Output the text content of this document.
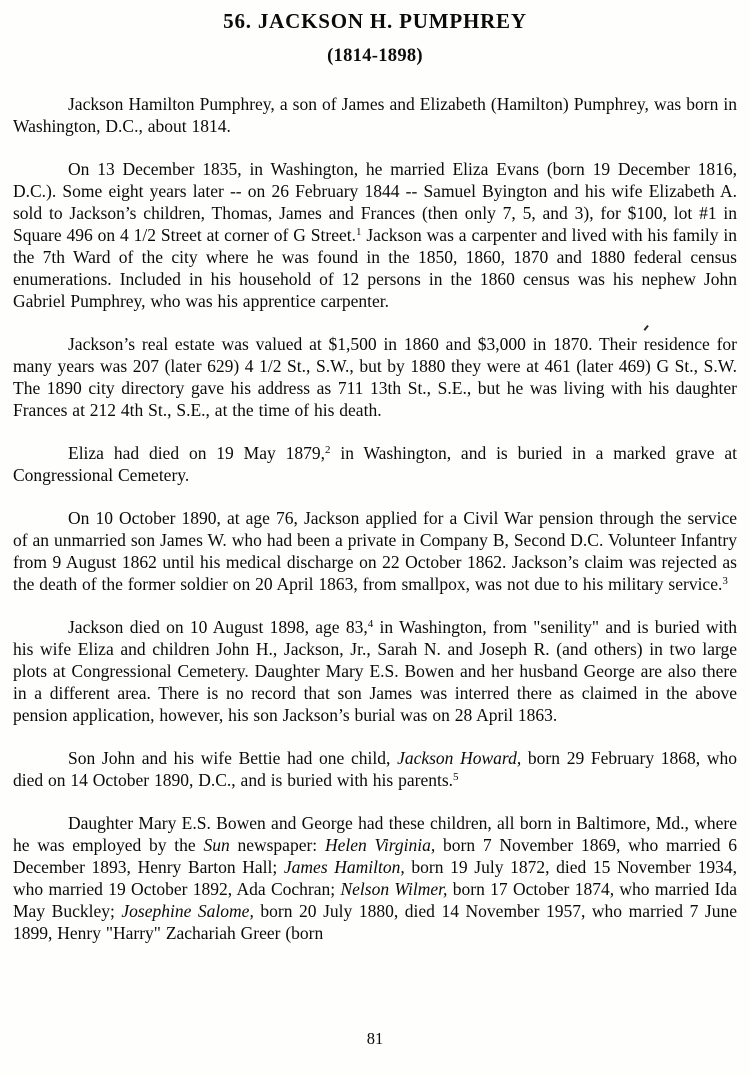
56. JACKSON H. PUMPHREY
(1814-1898)

Jackson Hamilton Pumphrey, a son of James and Elizabeth (Hamilton) Pumphrey, was born in Washington, D.C., about 1814.

On 13 December 1835, in Washington, he married Eliza Evans (born 19 December 1816, D.C.). Some eight years later -- on 26 February 1844 -- Samuel Byington and his wife Elizabeth A. sold to Jackson’s children, Thomas, James and Frances (then only 7, 5, and 3), for $100, lot #1 in Square 496 on 4 1/2 Street at corner of G Street.$^1$ Jackson was a carpenter and lived with his family in the 7th Ward of the city where he was found in the 1850, 1860, 1870 and 1880 federal census enumerations. Included in his household of 12 persons in the 1860 census was his nephew John Gabriel Pumphrey, who was his apprentice carpenter.

Jackson’s real estate was valued at $1,500 in 1860 and $3,000 in 1870. Their residence for many years was 207 (later 629) 4 1/2 St., S.W., but by 1880 they were at 461 (later 469) G St., S.W. The 1890 city directory gave his address as 711 13th St., S.E., but he was living with his daughter Frances at 212 4th St., S.E., at the time of his death.

Eliza had died on 19 May 1879,$^2$ in Washington, and is buried in a marked grave at Congressional Cemetery.

On 10 October 1890, at age 76, Jackson applied for a Civil War pension through the service of an unmarried son James W. who had been a private in Company B, Second D.C. Volunteer Infantry from 9 August 1862 until his medical discharge on 22 October 1862. Jackson’s claim was rejected as the death of the former soldier on 20 April 1863, from smallpox, was not due to his military service.$^3$

Jackson died on 10 August 1898, age 83,$^4$ in Washington, from "senility" and is buried with his wife Eliza and children John H., Jackson, Jr., Sarah N. and Joseph R. (and others) in two large plots at Congressional Cemetery. Daughter Mary E.S. Bowen and her husband George are also there in a different area. There is no record that son James was interred there as claimed in the above pension application, however, his son Jackson’s burial was on 28 April 1863.

Son John and his wife Bettie had one child, Jackson Howard, born 29 February 1868, who died on 14 October 1890, D.C., and is buried with his parents.$^5$

Daughter Mary E.S. Bowen and George had these children, all born in Baltimore, Md., where he was employed by the Sun newspaper: Helen Virginia, born 7 November 1869, who married 6 December 1893, Henry Barton Hall; James Hamilton, born 19 July 1872, died 15 November 1934, who married 19 October 1892, Ada Cochran; Nelson Wilmer, born 17 October 1874, who married Ida May Buckley; Josephine Salome, born 20 July 1880, died 14 November 1957, who married 7 June 1899, Henry "Harry" Zachariah Greer (born

81
